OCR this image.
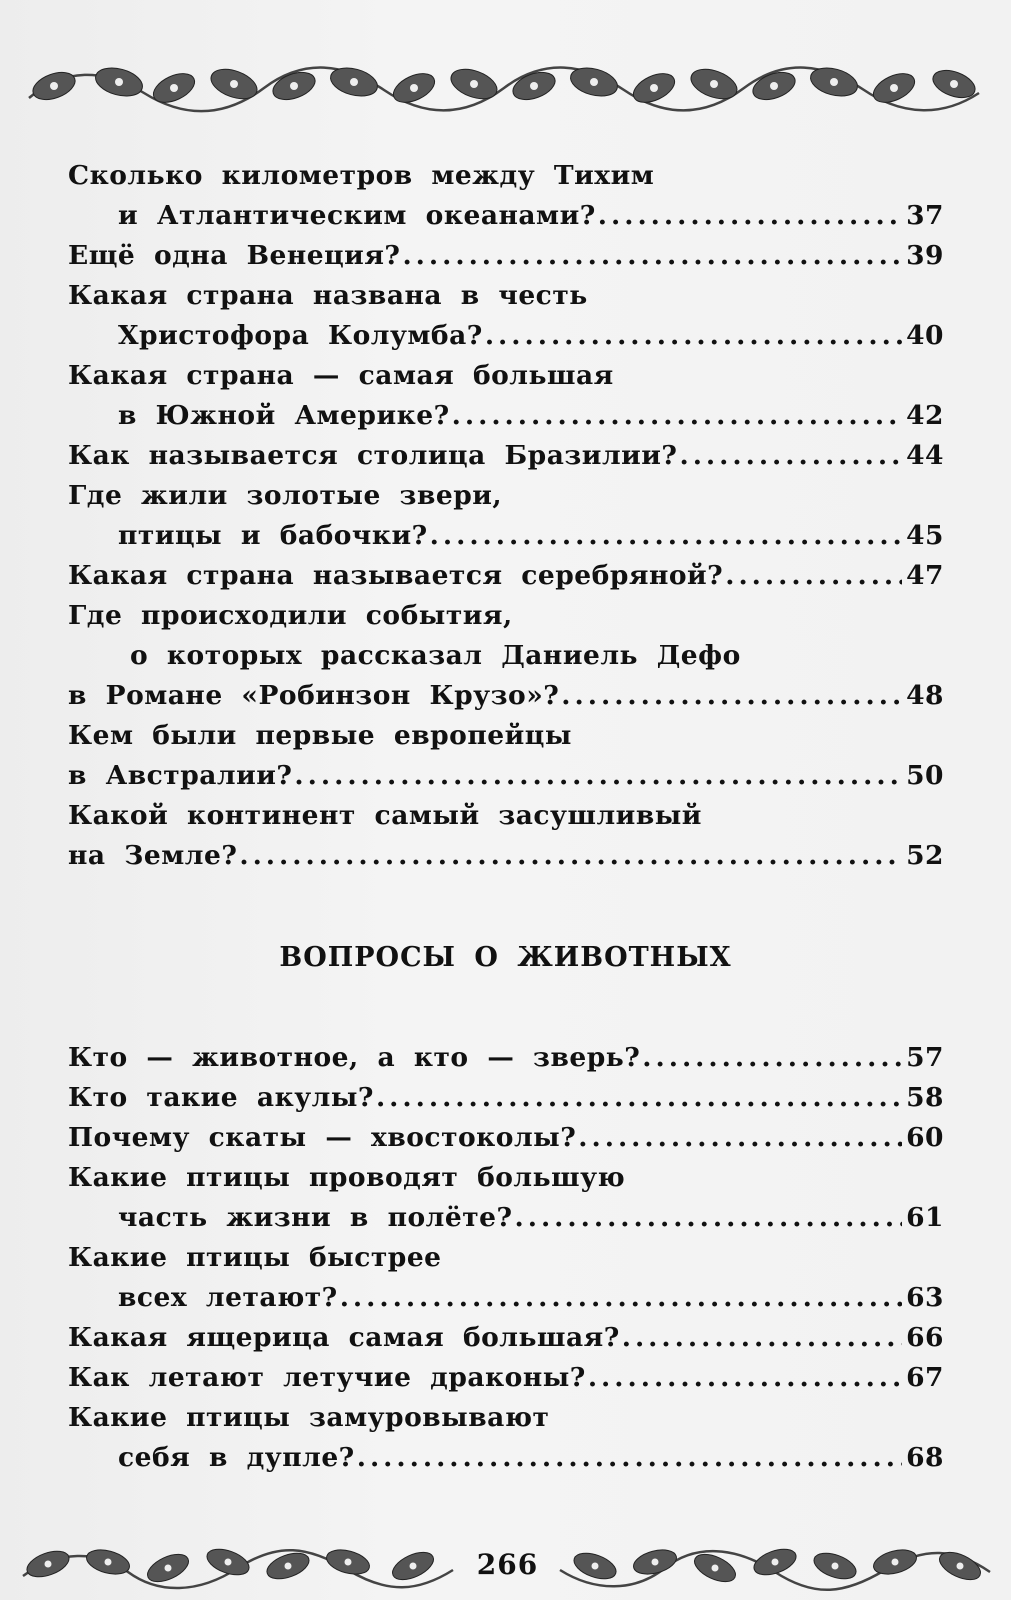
Сколько километров между Тихим
и Атлантическим океанами? .....	37
Ещё одна Венеция? .....	39
Какая страна названа в честь
Христофора Колумба? .....	40
Какая страна — самая большая
в Южной Америке? .....	42
Как называется столица Бразилии? .....	44
Где жили золотые звери,
птицы и бабочки? .....	45
Какая страна называется серебряной? .....	47
Где происходили события,
о которых рассказал Даниель Дефо
в Романе «Робинзон Крузо»? .....	48
Кем были первые европейцы
в Австралии? .....	50
Какой континент самый засушливый
на Земле? .....	52
ВОПРОСЫ О ЖИВОТНЫХ
Кто — животное, а кто — зверь? .....	57
Кто такие акулы? .....	58
Почему скаты — хвостоколы? .....	60
Какие птицы проводят большую
часть жизни в полёте? .....	61
Какие птицы быстрее
всех летают? .....	63
Какая ящерица самая большая? .....	66
Как летают летучие драконы? .....	67
Какие птицы замуровывают
себя в дупле? .....	68
266
